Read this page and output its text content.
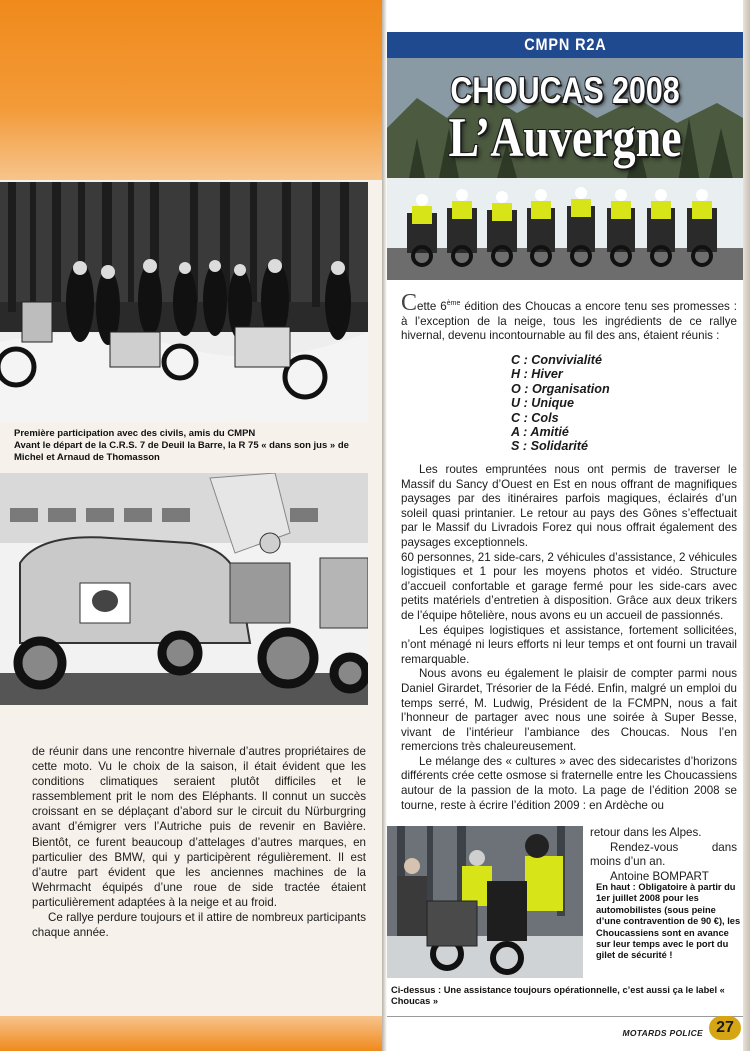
Première participation avec des civils, amis du CMPN
Avant le départ de la C.R.S. 7 de Deuil la Barre, la R 75 « dans son jus » de Michel et Arnaud de Thomasson

de réunir dans une rencontre hivernale d’autres propriétaires de cette moto. Vu le choix de la saison, il était évident que les conditions climatiques seraient plutôt difficiles et le rassemblement prit le nom des Eléphants. Il connut un succès croissant en se déplaçant d’abord sur le circuit du Nürburgring avant d’émigrer vers l’Autriche puis de revenir en Bavière. Bientôt, ce furent beaucoup d’attelages d’autres marques, en particulier des BMW, qui y participèrent régulièrement. Il est d’autre part évident que les anciennes machines de la Wehrmacht équipés d’une roue de side tractée étaient particulièrement adaptées à la neige et au froid.

Ce rallye perdure toujours et il attire de nombreux participants chaque année.

CMPN R2A
CHOUCAS 2008
L’Auvergne

Cette 6ème édition des Choucas a encore tenu ses promesses : à l’exception de la neige, tous les ingrédients de ce rallye hivernal, devenu incontournable au fil des ans, étaient réunis :

C : Convivialité
H : Hiver
O : Organisation
U : Unique
C : Cols
A : Amitié
S : Solidarité

Les routes empruntées nous ont permis de traverser le Massif du Sancy d’Ouest en Est en nous offrant de magnifiques paysages par des itinéraires parfois magiques, éclairés d’un soleil quasi printanier. Le retour au pays des Gônes s’effectuait par le Massif du Livradois Forez qui nous offrait également des paysages exceptionnels.

60 personnes, 21 side-cars, 2 véhicules d’assistance, 2 véhicules logistiques et 1 pour les moyens photos et vidéo. Structure d’accueil confortable et garage fermé pour les side-cars avec petits matériels d’entretien à disposition. Grâce aux deux trikers de l’équipe hôtelière, nous avons eu un accueil de passionnés.

Les équipes logistiques et assistance, fortement sollicitées, n’ont ménagé ni leurs efforts ni leur temps et ont fourni un travail remarquable.

Nous avons eu également le plaisir de compter parmi nous Daniel Girardet, Trésorier de la Fédé. Enfin, malgré un emploi du temps serré, M. Ludwig, Président de la FCMPN, nous a fait l’honneur de partager avec nous une soirée à Super Besse, vivant de l’intérieur l’ambiance des Choucas. Nous l’en remercions très chaleureusement.

Le mélange des « cultures » avec des sidecaristes d’horizons différents crée cette osmose si fraternelle entre les Choucassiens autour de la passion de la moto. La page de l’édition 2008 se tourne, reste à écrire l’édition 2009 : en Ardèche ou

retour dans les Alpes.
Rendez-vous dans moins d’un an.
Antoine BOMPART
En haut : Obligatoire à partir du 1er juillet 2008 pour les automobilistes (sous peine d’une contravention de 90 €), les Choucassiens sont en avance sur leur temps avec le port du gilet de sécurité !
Ci-dessus : Une assistance toujours opérationnelle, c’est aussi ça le label « Choucas »
MOTARDS POLICE 27
